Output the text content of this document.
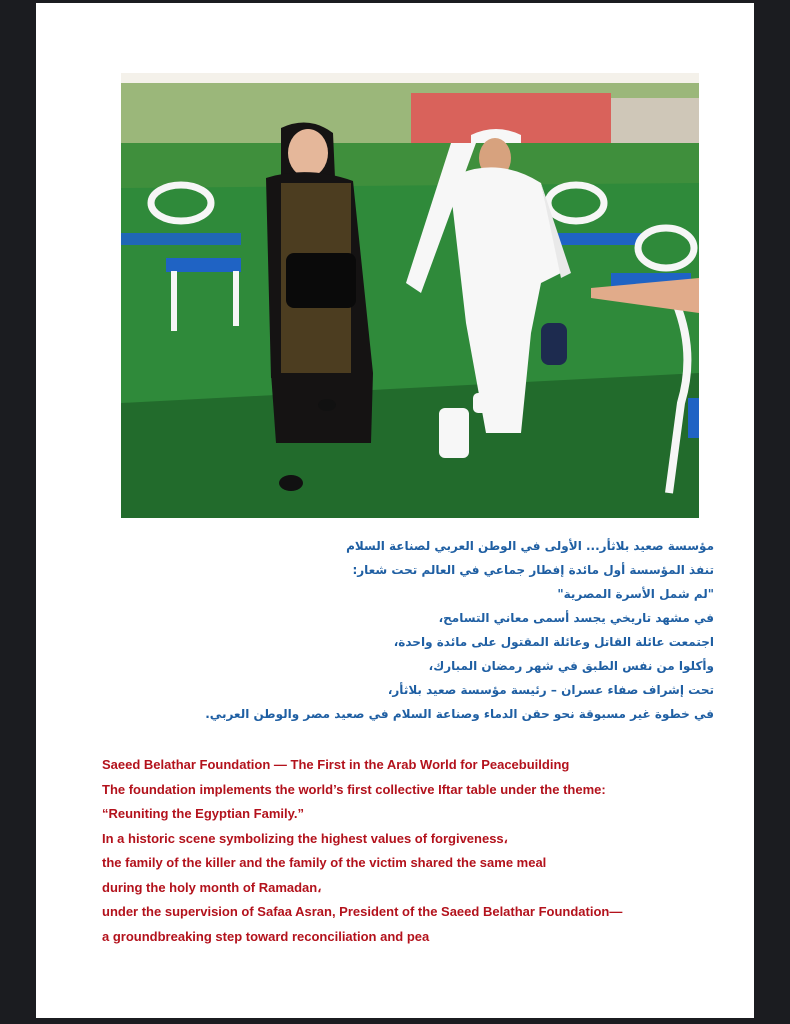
مؤسسة صعيد بلاثأر... الأولى في الوطن العربي لصناعة السلام
تنفذ المؤسسة أول مائدة إفطار جماعي في العالم تحت شعار:
"لم شمل الأسرة المصرية"
في مشهد تاريخي يجسد أسمى معاني التسامح،
اجتمعت عائلة القاتل وعائلة المقتول على مائدة واحدة،
وأكلوا من نفس الطبق في شهر رمضان المبارك،
تحت إشراف صفاء عسران – رئيسة مؤسسة صعيد بلاثأر،
في خطوة غير مسبوقة نحو حقن الدماء وصناعة السلام في صعيد مصر والوطن العربي.
Saeed Belathar Foundation — The First in the Arab World for Peacebuilding
The foundation implements the world’s first collective Iftar table under the theme:
“Reuniting the Egyptian Family.”
In a historic scene symbolizing the highest values of forgiveness،
the family of the killer and the family of the victim shared the same meal
during the holy month of Ramadan،
under the supervision of Safaa Asran, President of the Saeed Belathar Foundation—
a groundbreaking step toward reconciliation and pea
